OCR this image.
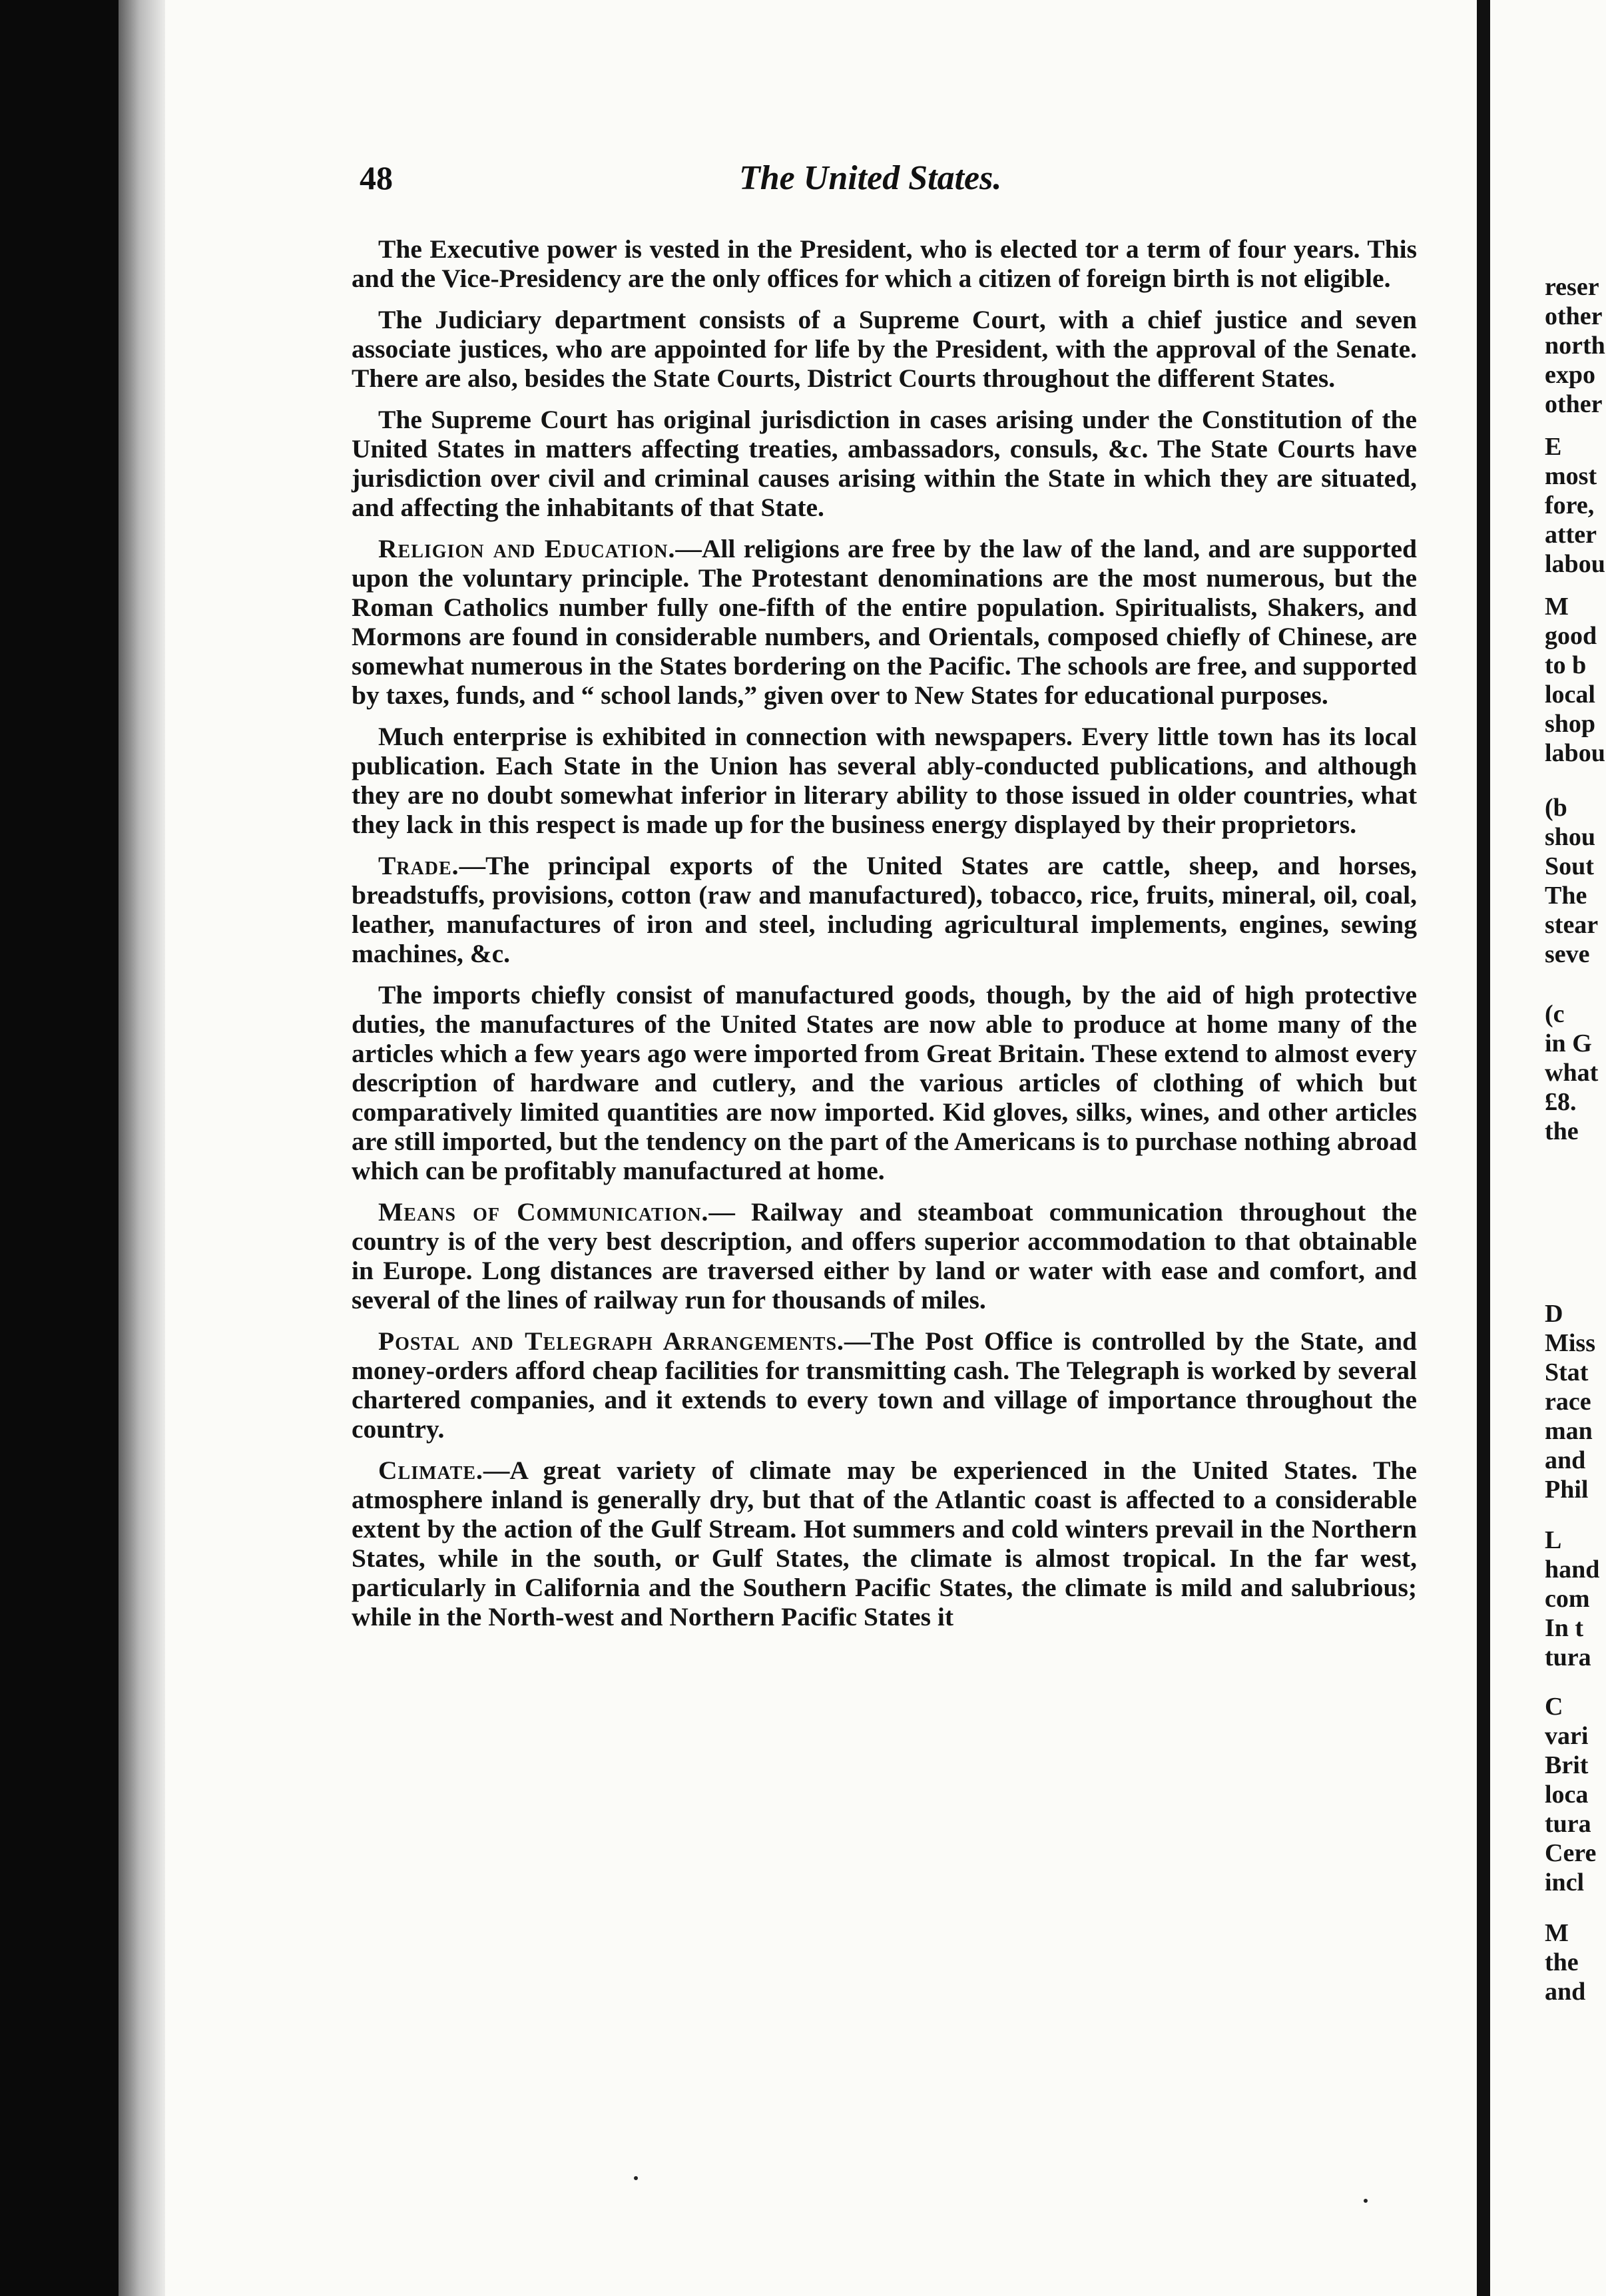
48	The United States.

The Executive power is vested in the President, who is elected tor a term of four years. This and the Vice-Presidency are the only offices for which a citizen of foreign birth is not eligible.

The Judiciary department consists of a Supreme Court, with a chief justice and seven associate justices, who are appointed for life by the President, with the approval of the Senate. There are also, besides the State Courts, District Courts throughout the different States.

The Supreme Court has original jurisdiction in cases arising under the Constitution of the United States in matters affecting treaties, ambassadors, consuls, &c. The State Courts have jurisdiction over civil and criminal causes arising within the State in which they are situated, and affecting the inhabitants of that State.

Religion and Education.—All religions are free by the law of the land, and are supported upon the voluntary principle. The Protestant denominations are the most numerous, but the Roman Catholics number fully one-fifth of the entire population. Spiritualists, Shakers, and Mormons are found in considerable numbers, and Orientals, composed chiefly of Chinese, are somewhat numerous in the States bordering on the Pacific. The schools are free, and supported by taxes, funds, and “ school lands,” given over to New States for educational purposes.

Much enterprise is exhibited in connection with newspapers. Every little town has its local publication. Each State in the Union has several ably-conducted publications, and although they are no doubt somewhat inferior in literary ability to those issued in older countries, what they lack in this respect is made up for the business energy displayed by their proprietors.

Trade.—The principal exports of the United States are cattle, sheep, and horses, breadstuffs, provisions, cotton (raw and manufactured), tobacco, rice, fruits, mineral, oil, coal, leather, manufactures of iron and steel, including agricultural implements, engines, sewing machines, &c.

The imports chiefly consist of manufactured goods, though, by the aid of high protective duties, the manufactures of the United States are now able to produce at home many of the articles which a few years ago were imported from Great Britain. These extend to almost every description of hardware and cutlery, and the various articles of clothing of which but comparatively limited quantities are now imported. Kid gloves, silks, wines, and other articles are still imported, but the tendency on the part of the Americans is to purchase nothing abroad which can be profitably manufactured at home.

Means of Communication.— Railway and steamboat communication throughout the country is of the very best description, and offers superior accommodation to that obtainable in Europe. Long distances are traversed either by land or water with ease and comfort, and several of the lines of railway run for thousands of miles.

Postal and Telegraph Arrangements.—The Post Office is controlled by the State, and money-orders afford cheap facilities for transmitting cash. The Telegraph is worked by several chartered companies, and it extends to every town and village of importance throughout the country.

Climate.—A great variety of climate may be experienced in the United States. The atmosphere inland is generally dry, but that of the Atlantic coast is affected to a considerable extent by the action of the Gulf Stream. Hot summers and cold winters prevail in the Northern States, while in the south, or Gulf States, the climate is almost tropical. In the far west, particularly in California and the Southern Pacific States, the climate is mild and salubrious; while in the North-west and Northern Pacific States it

reser
other
north
expo
other
E
most
fore,
atter
labou
M
good
to b
local
shop
labou
(b
shou
Sout
The
stear
seve
(c
in G
what
£8.
the
D
Miss
Stat
race
man
and
Phil
L
hand
com
In t
tura
C
vari
Brit
loca
tura
Cere
incl
M
the
and
